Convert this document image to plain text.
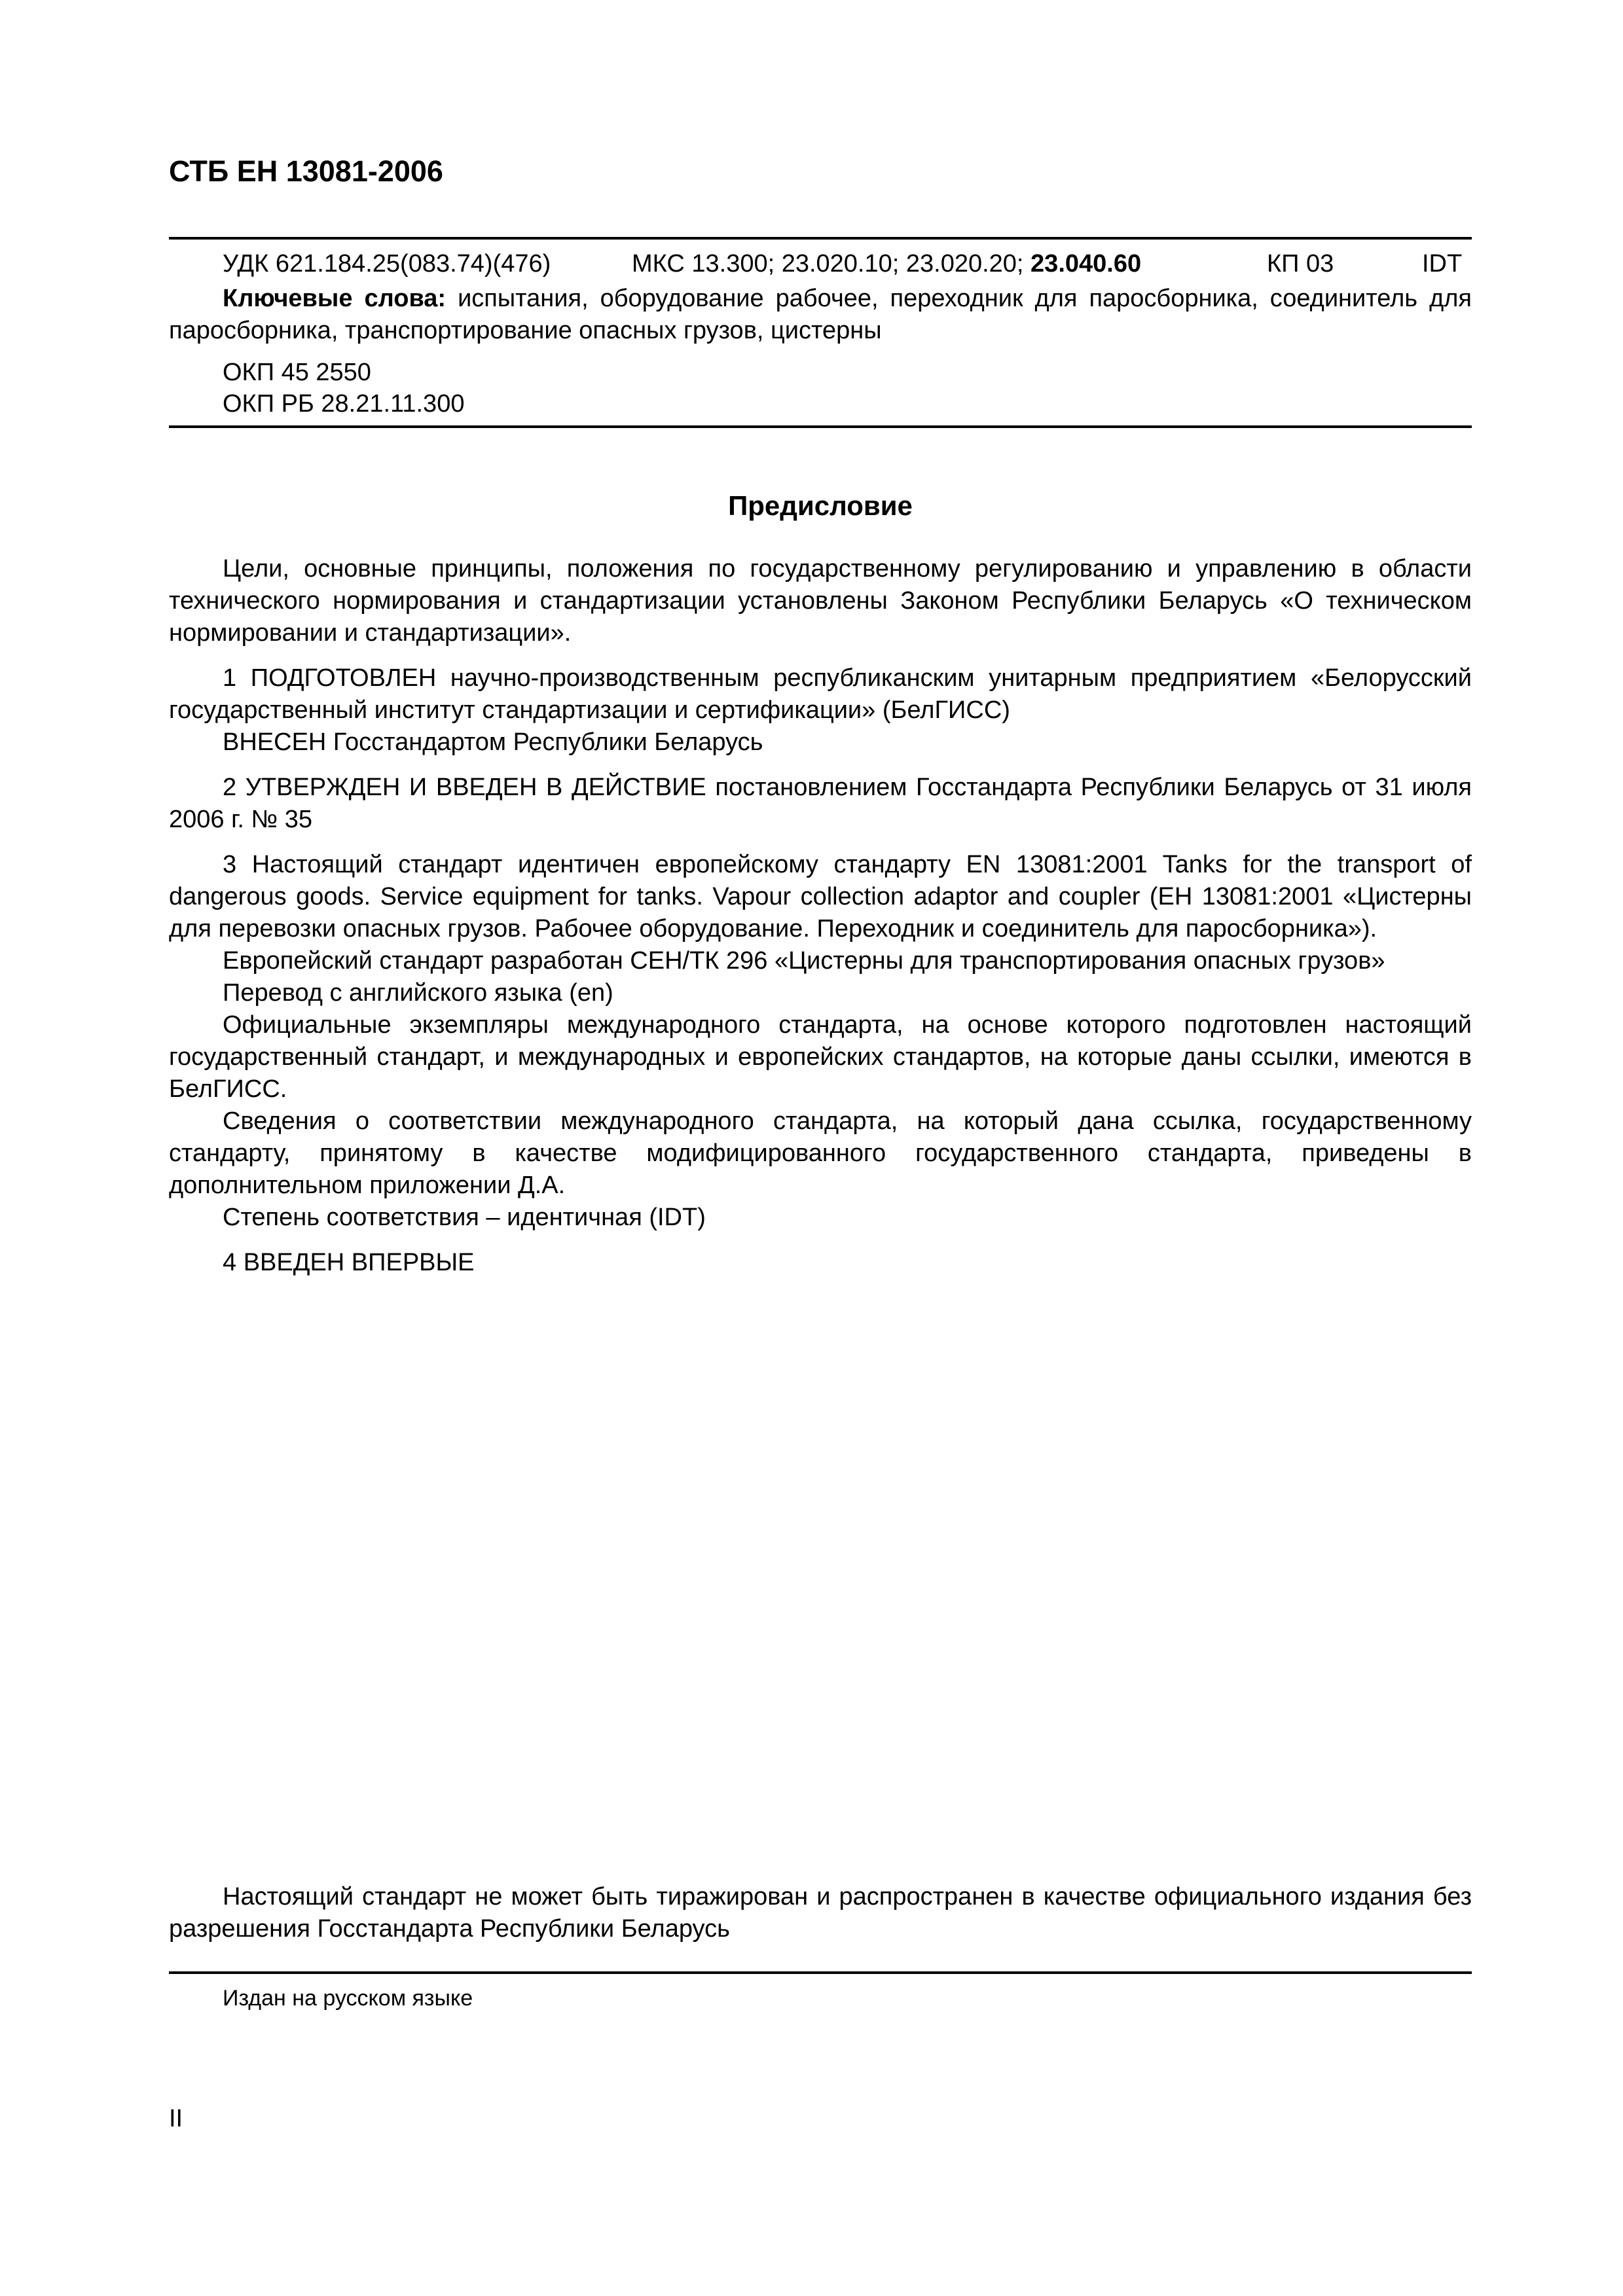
СТБ ЕН 13081-2006
УДК 621.184.25(083.74)(476)	МКС 13.300; 23.020.10; 23.020.20; 23.040.60	КП 03	IDT

Ключевые слова: испытания, оборудование рабочее, переходник для паросборника, соединитель для паросборника, транспортирование опасных грузов, цистерны

ОКП 45 2550
ОКП РБ 28.21.11.300
Предисловие

Цели, основные принципы, положения по государственному регулированию и управлению в области технического нормирования и стандартизации установлены Законом Республики Беларусь «О техническом нормировании и стандартизации».

1 ПОДГОТОВЛЕН научно-производственным республиканским унитарным предприятием «Белорусский государственный институт стандартизации и сертификации» (БелГИСС)

ВНЕСЕН Госстандартом Республики Беларусь

2 УТВЕРЖДЕН И ВВЕДЕН В ДЕЙСТВИЕ постановлением Госстандарта Республики Беларусь от 31 июля 2006 г. № 35

3 Настоящий стандарт идентичен европейскому стандарту EN 13081:2001 Tanks for the transport of dangerous goods. Service equipment for tanks. Vapour collection adaptor and coupler (ЕН 13081:2001 «Цистерны для перевозки опасных грузов. Рабочее оборудование. Переходник и соединитель для паросборника»).

Европейский стандарт разработан СЕН/ТК 296 «Цистерны для транспортирования опасных грузов»

Перевод с английского языка (en)

Официальные экземпляры международного стандарта, на основе которого подготовлен настоящий государственный стандарт, и международных и европейских стандартов, на которые даны ссылки, имеются в БелГИСС.

Сведения о соответствии международного стандарта, на который дана ссылка, государственному стандарту, принятому в качестве модифицированного государственного стандарта, приведены в дополнительном приложении Д.А.

Степень соответствия – идентичная (IDT)

4 ВВЕДЕН ВПЕРВЫЕ

Настоящий стандарт не может быть тиражирован и распространен в качестве официального издания без разрешения Госстандарта Республики Беларусь

Издан на русском языке
II
